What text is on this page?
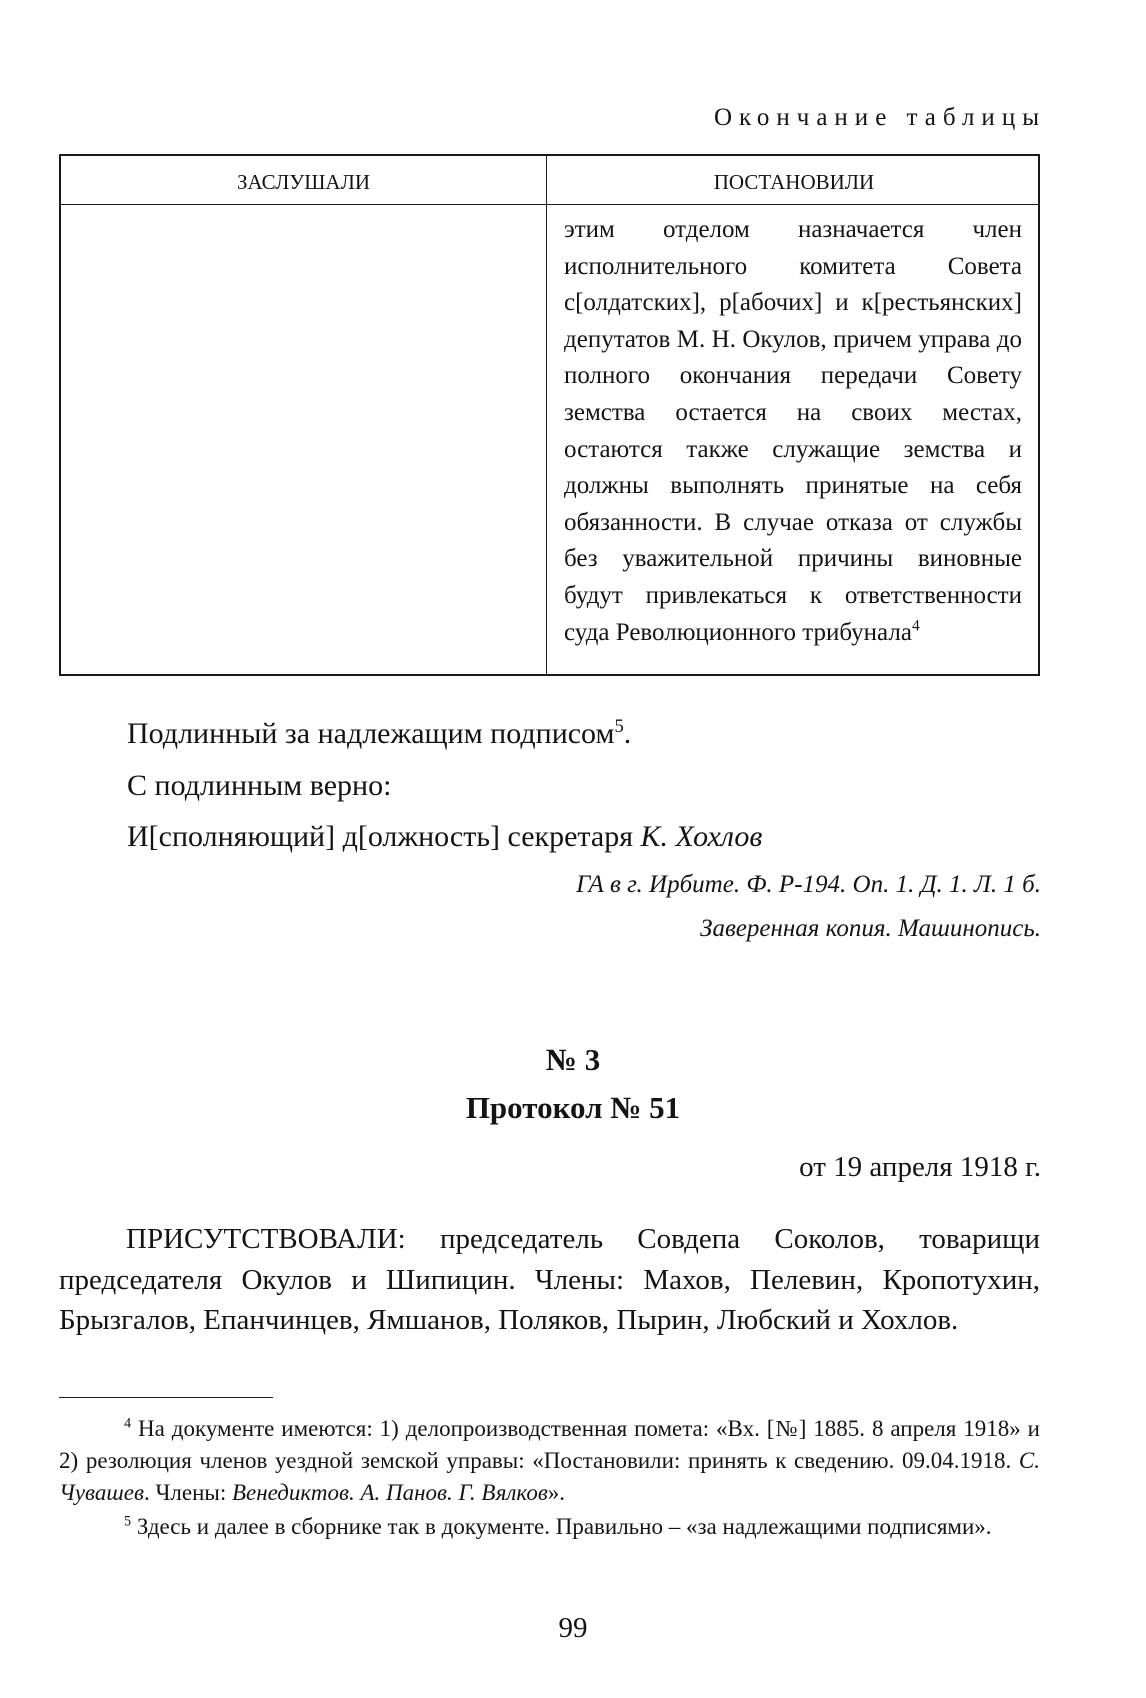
Окончание таблицы
ЗАСЛУШАЛИ	ПОСТАНОВИЛИ
этим отделом назначается член исполнительного комитета Совета с[олдатских], р[абочих] и к[рестьянских] депутатов М. Н. Окулов, причем управа до полного окончания передачи Совету земства остается на своих местах, остаются также служащие земства и должны выполнять принятые на себя обязанности. В случае отказа от службы без уважительной причины виновные будут привлекаться к ответственности суда Революционного трибунала$^4$
Подлинный за надлежащим подписом$^5$.
С подлинным верно:
И[сполняющий] д[олжность] секретаря К. Хохлов
ГА в г. Ирбите. Ф. Р-194. Оп. 1. Д. 1. Л. 1 б.
Заверенная копия. Машинопись.
№ 3
Протокол № 51
от 19 апреля 1918 г.
ПРИСУТСТВОВАЛИ: председатель Совдепа Соколов, товарищи председателя Окулов и Шипицин. Члены: Махов, Пелевин, Кропотухин, Брызгалов, Епанчинцев, Ямшанов, Поляков, Пырин, Любский и Хохлов.

$^4$ На документе имеются: 1) делопроизводственная помета: «Вх. [№] 1885. 8 апреля 1918» и 2) резолюция членов уездной земской управы: «Постановили: принять к сведению. 09.04.1918. С. Чувашев. Члены: Венедиктов. А. Панов. Г. Вялков».

$^5$ Здесь и далее в сборнике так в документе. Правильно – «за надлежащими подписями».

99
